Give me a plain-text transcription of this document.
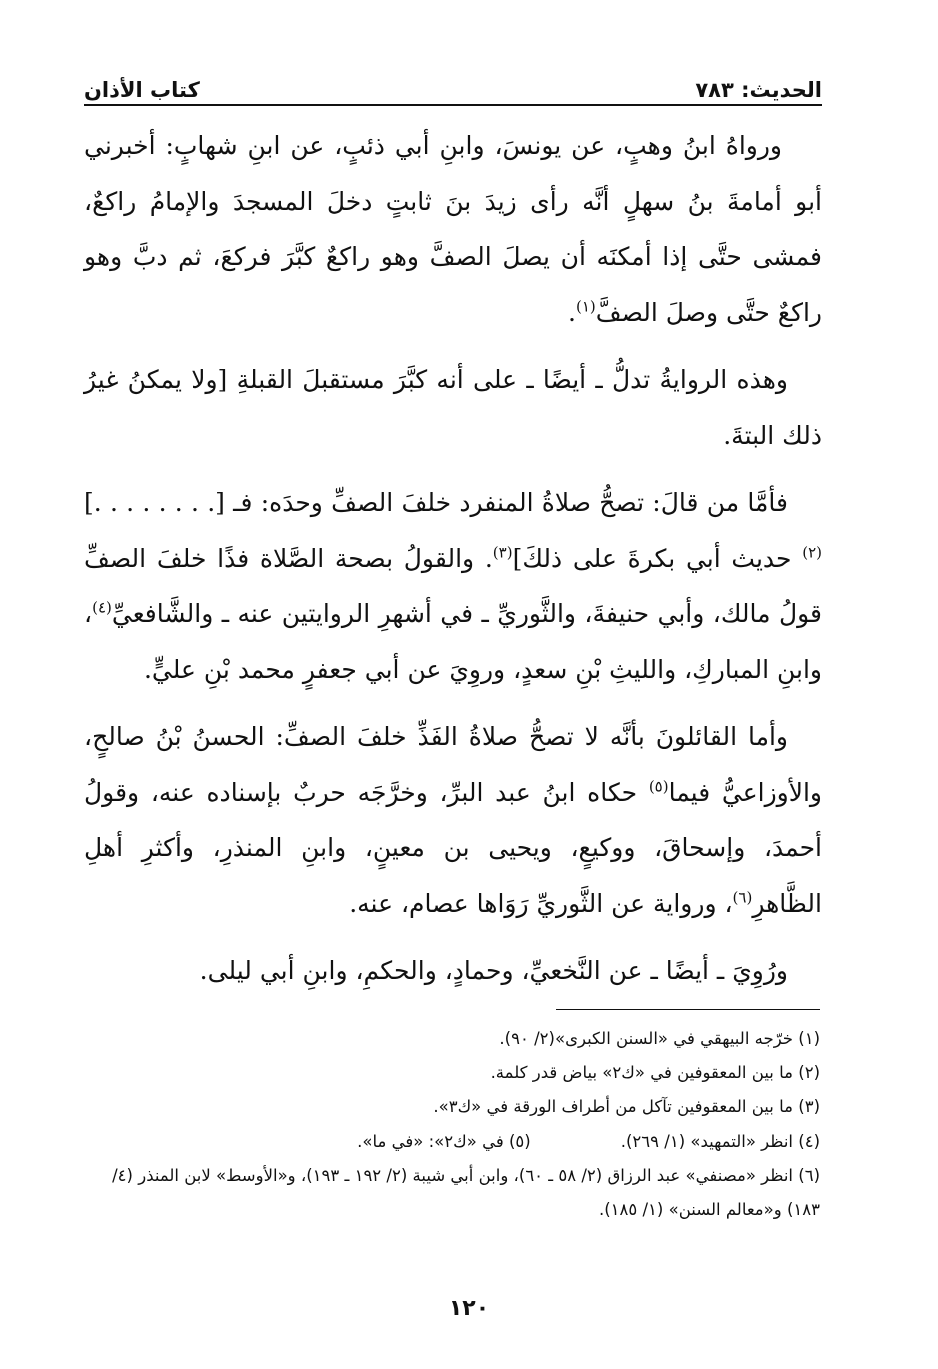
الحديث: ٧٨٣
كتاب الأذان

ورواهُ ابنُ وهبٍ، عن يونسَ، وابنِ أبي ذئبٍ، عن ابنِ شهابٍ: أخبرني أبو أمامةَ بنُ سهلٍ أنَّه رأى زيدَ بنَ ثابتٍ دخلَ المسجدَ والإمامُ راكعٌ، فمشى حتَّى إذا أمكنَه أن يصلَ الصفَّ وهو راكعٌ كبَّرَ فركعَ، ثم دبَّ وهو راكعٌ حتَّى وصلَ الصفَّ$^{(١)}$.

وهذه الروايةُ تدلُّ ـ أيضًا ـ على أنه كبَّرَ مستقبلَ القبلةِ [ولا يمكنُ غيرُ ذلك البتةَ.

فأمَّا من قالَ: تصحُّ صلاةُ المنفرد خلفَ الصفِّ وحدَه: فـ [. . . . . . . .]$^{(٢)}$ حديث أبي بكرةَ على ذلكَ]$^{(٣)}$. والقولُ بصحة الصَّلاة فذًا خلفَ الصفِّ قولُ مالك، وأبي حنيفةَ، والثَّوريِّ ـ في أشهرِ الروايتين عنه ـ والشَّافعيِّ$^{(٤)}$، وابنِ المباركِ، والليثِ بْنِ سعدٍ، وروِيَ عن أبي جعفرٍ محمد بْنِ عليٍّ.

وأما القائلونَ بأنَّه لا تصحُّ صلاةُ الفَذِّ خلفَ الصفِّ: الحسنُ بْنُ صالحٍ، والأوزاعيُّ فيما$^{(٥)}$ حكاه ابنُ عبد البرِّ، وخرَّجَه حربٌ بإسناده عنه، وقولُ أحمدَ، وإسحاقَ، ووكيعٍ، ويحيى بن معينٍ، وابنِ المنذرِ، وأكثرِ أهلِ الظَّاهرِ$^{(٦)}$، ورواية عن الثَّوريِّ رَوَاها عصام، عنه.

ورُوِيَ ـ أيضًا ـ عن النَّخعيِّ، وحمادٍ، والحكمِ، وابنِ أبي ليلى.

(١) خرّجه البيهقي في «السنن الكبرى»(٢/ ٩٠).
(٢) ما بين المعقوفين في «ك٢» بياض قدر كلمة.
(٣) ما بين المعقوفين تآكل من أطراف الورقة في «ك٣».
(٤) انظر «التمهيد» (١/ ٢٦٩).(٥) في «ك٢»: «في ما».
(٦) انظر «مصنفي» عبد الرزاق (٢/ ٥٨ ـ ٦٠)، وابن أبي شيبة (٢/ ١٩٢ ـ ١٩٣)، و«الأوسط» لابن المنذر (٤/ ١٨٣) و«معالم السنن» (١/ ١٨٥).
١٢٠
